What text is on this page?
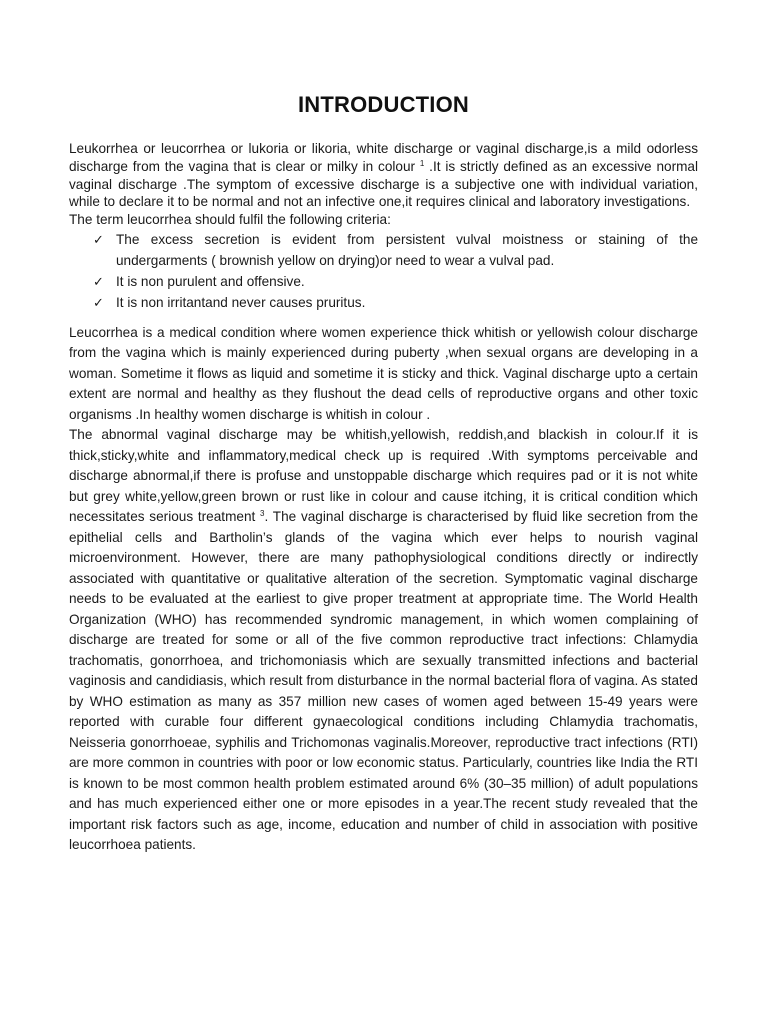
INTRODUCTION

Leukorrhea or leucorrhea or lukoria or likoria, white discharge or vaginal discharge,is a mild odorless discharge from the vagina that is clear or milky in colour $^1$ .It is strictly defined as an excessive normal vaginal discharge .The symptom of excessive discharge is a subjective one with individual variation, while to declare it to be normal and not an infective one,it requires clinical and laboratory investigations.

The term leucorrhea should fulfil the following criteria:

✓ The excess secretion is evident from persistent vulval moistness or staining of the undergarments ( brownish yellow on drying)or need to wear a vulval pad.
✓ It is non purulent and offensive.
✓ It is non irritantand never causes pruritus.

Leucorrhea is a medical condition where women experience thick whitish or yellowish colour discharge from the vagina which is mainly experienced during puberty ,when sexual organs are developing in a woman. Sometime it flows as liquid and sometime it is sticky and thick. Vaginal discharge upto a certain extent are normal and healthy as they flushout the dead cells of reproductive organs and other toxic organisms .In healthy women discharge is whitish in colour .

The abnormal vaginal discharge may be whitish,yellowish, reddish,and blackish in colour.If it is thick,sticky,white and inflammatory,medical check up is required .With symptoms perceivable and discharge abnormal,if there is profuse and unstoppable discharge which requires pad or it is not white but grey white,yellow,green brown or rust like in colour and cause itching, it is critical condition which necessitates serious treatment $^3$. The vaginal discharge is characterised by fluid like secretion from the epithelial cells and Bartholin’s glands of the vagina which ever helps to nourish vaginal microenvironment. However, there are many pathophysiological conditions directly or indirectly associated with quantitative or qualitative alteration of the secretion. Symptomatic vaginal discharge needs to be evaluated at the earliest to give proper treatment at appropriate time. The World Health Organization (WHO) has recommended syndromic management, in which women complaining of discharge are treated for some or all of the five common reproductive tract infections: Chlamydia trachomatis, gonorrhoea, and trichomoniasis which are sexually transmitted infections and bacterial vaginosis and candidiasis, which result from disturbance in the normal bacterial flora of vagina. As stated by WHO estimation as many as 357 million new cases of women aged between 15-49 years were reported with curable four different gynaecological conditions including Chlamydia trachomatis, Neisseria gonorrhoeae, syphilis and Trichomonas vaginalis.Moreover, reproductive tract infections (RTI) are more common in countries with poor or low economic status. Particularly, countries like India the RTI is known to be most common health problem estimated around 6% (30–35 million) of adult populations and has much experienced either one or more episodes in a year.The recent study revealed that the important risk factors such as age, income, education and number of child in association with positive leucorrhoea patients.
